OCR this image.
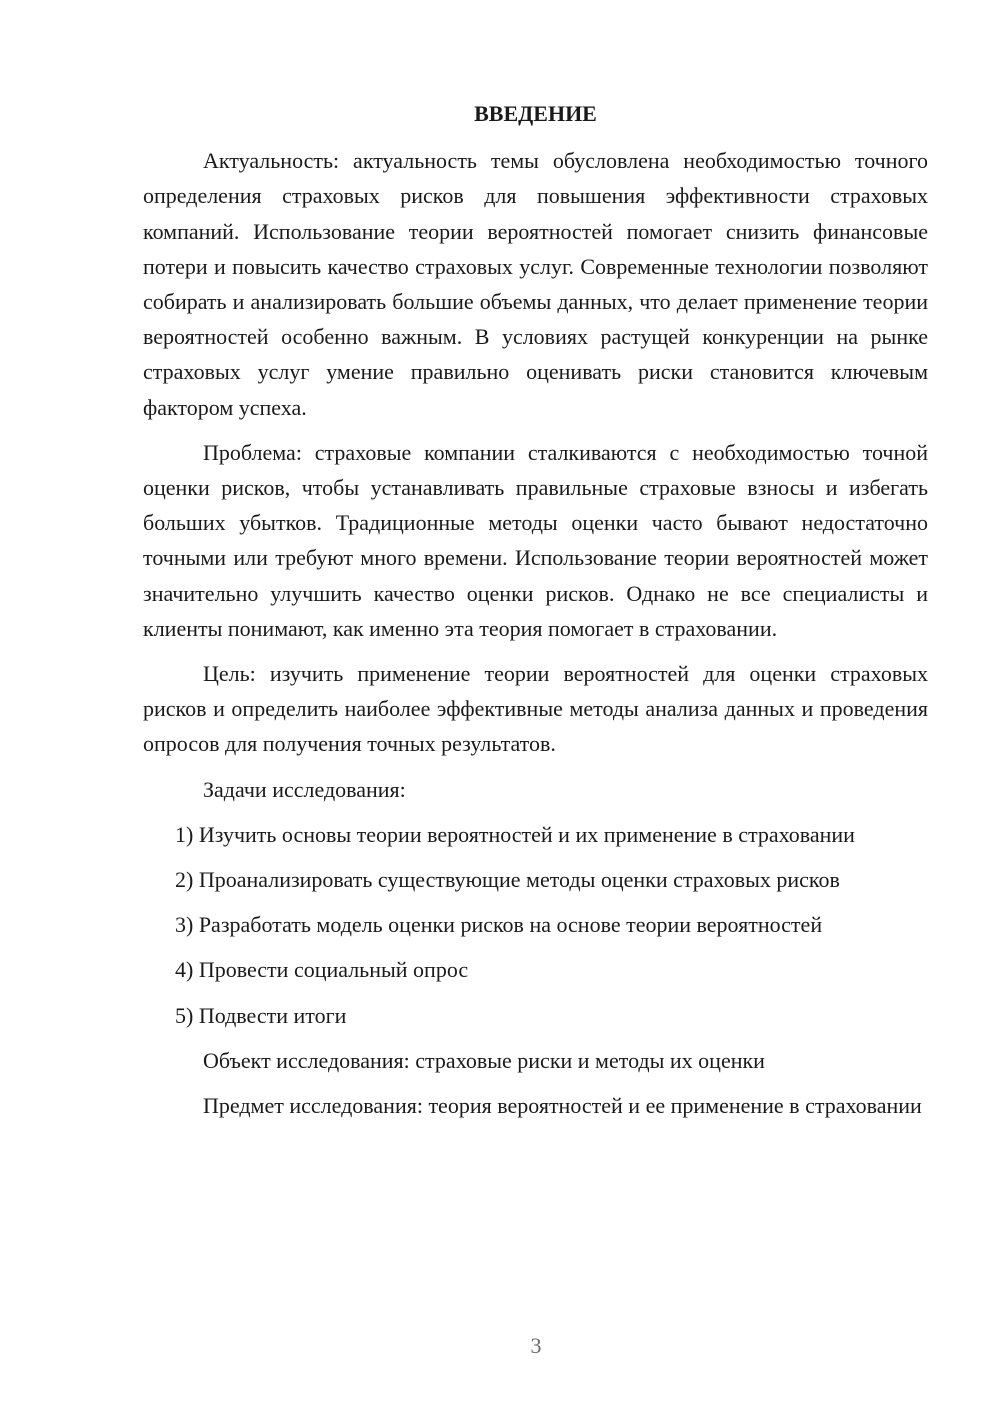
ВВЕДЕНИЕ

Актуальность: актуальность темы обусловлена необходимостью точного определения страховых рисков для повышения эффективности страховых компаний. Использование теории вероятностей помогает снизить финансовые потери и повысить качество страховых услуг. Современные технологии позволяют собирать и анализировать большие объемы данных, что делает применение теории вероятностей особенно важным. В условиях растущей конкуренции на рынке страховых услуг умение правильно оценивать риски становится ключевым фактором успеха.

Проблема: страховые компании сталкиваются с необходимостью точной оценки рисков, чтобы устанавливать правильные страховые взносы и избегать больших убытков. Традиционные методы оценки часто бывают недостаточно точными или требуют много времени. Использование теории вероятностей может значительно улучшить качество оценки рисков. Однако не все специалисты и клиенты понимают, как именно эта теория помогает в страховании.

Цель: изучить применение теории вероятностей для оценки страховых рисков и определить наиболее эффективные методы анализа данных и проведения опросов для получения точных результатов.

Задачи исследования:

1) Изучить основы теории вероятностей и их применение в страховании

2) Проанализировать существующие методы оценки страховых рисков

3) Разработать модель оценки рисков на основе теории вероятностей

4) Провести социальный опрос

5) Подвести итоги

Объект исследования: страховые риски и методы их оценки

Предмет исследования: теория вероятностей и ее применение в страховании

3
